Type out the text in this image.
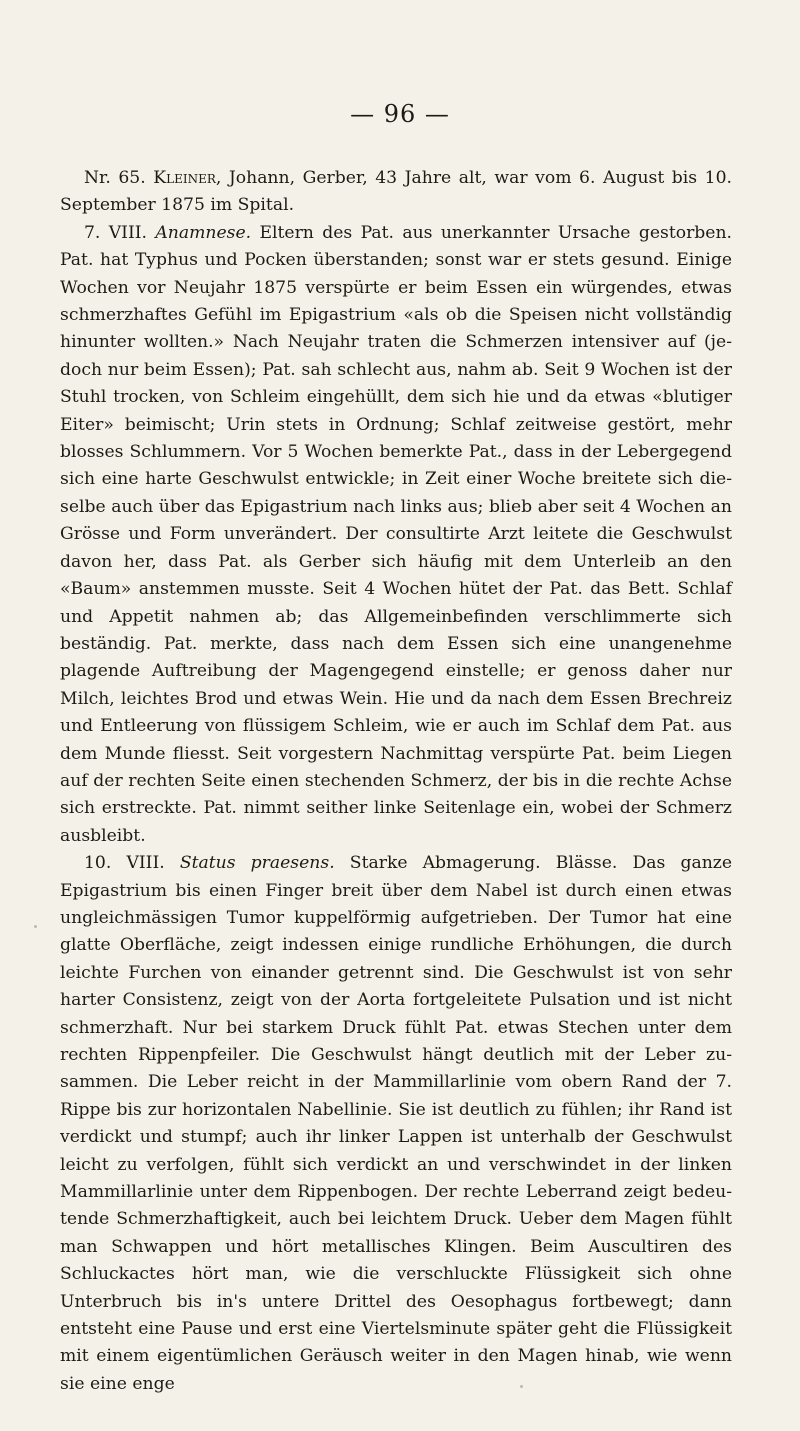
— 96 —

Nr. 65. Kleiner, Johann, Gerber, 43 Jahre alt, war vom 6. August bis 10. September 1875 im Spital.

7. VIII. Anamnese. Eltern des Pat. aus unerkannter Ursache gestorben. Pat. hat Typhus und Pocken überstanden; sonst war er stets gesund. Einige Wochen vor Neujahr 1875 verspürte er beim Essen ein würgendes, etwas schmerzhaftes Gefühl im Epigastrium «als ob die Speisen nicht vollständig hinunter wollten.» Nach Neujahr traten die Schmerzen intensiver auf (jedoch nur beim Essen); Pat. sah schlecht aus, nahm ab. Seit 9 Wochen ist der Stuhl trocken, von Schleim eingehüllt, dem sich hie und da etwas «blutiger Eiter» beimischt; Urin stets in Ordnung; Schlaf zeitweise gestört, mehr blosses Schlummern. Vor 5 Wochen bemerkte Pat., dass in der Lebergegend sich eine harte Geschwulst entwickle; in Zeit einer Woche breitete sich dieselbe auch über das Epigastrium nach links aus; blieb aber seit 4 Wochen an Grösse und Form unverändert. Der consultirte Arzt leitete die Geschwulst davon her, dass Pat. als Gerber sich häufig mit dem Unterleib an den «Baum» anstemmen musste. Seit 4 Wochen hütet der Pat. das Bett. Schlaf und Appetit nahmen ab; das Allgemeinbefinden verschlimmerte sich beständig. Pat. merkte, dass nach dem Essen sich eine unangenehme plagende Auftreibung der Magengegend einstelle; er genoss daher nur Milch, leichtes Brod und etwas Wein. Hie und da nach dem Essen Brechreiz und Entleerung von flüssigem Schleim, wie er auch im Schlaf dem Pat. aus dem Munde fliesst. Seit vorgestern Nachmittag verspürte Pat. beim Liegen auf der rechten Seite einen stechenden Schmerz, der bis in die rechte Achse sich erstreckte. Pat. nimmt seither linke Seitenlage ein, wobei der Schmerz ausbleibt.

10. VIII. Status praesens. Starke Abmagerung. Blässe. Das ganze Epigastrium bis einen Finger breit über dem Nabel ist durch einen etwas ungleichmässigen Tumor kuppelförmig aufgetrieben. Der Tumor hat eine glatte Oberfläche, zeigt indessen einige rundliche Erhöhungen, die durch leichte Furchen von einander getrennt sind. Die Geschwulst ist von sehr harter Consistenz, zeigt von der Aorta fortgeleitete Pulsation und ist nicht schmerzhaft. Nur bei starkem Druck fühlt Pat. etwas Stechen unter dem rechten Rippenpfeiler. Die Geschwulst hängt deutlich mit der Leber zusammen. Die Leber reicht in der Mammillarlinie vom obern Rand der 7. Rippe bis zur horizontalen Nabellinie. Sie ist deutlich zu fühlen; ihr Rand ist verdickt und stumpf; auch ihr linker Lappen ist unterhalb der Geschwulst leicht zu verfolgen, fühlt sich verdickt an und verschwindet in der linken Mammillarlinie unter dem Rippenbogen. Der rechte Leberrand zeigt bedeutende Schmerzhaftigkeit, auch bei leichtem Druck. Ueber dem Magen fühlt man Schwappen und hört metallisches Klingen. Beim Auscultiren des Schluckactes hört man, wie die verschluckte Flüssigkeit sich ohne Unterbruch bis in's untere Drittel des Oesophagus fortbewegt; dann entsteht eine Pause und erst eine Viertelsminute später geht die Flüssigkeit mit einem eigentümlichen Geräusch weiter in den Magen hinab, wie wenn sie eine enge
